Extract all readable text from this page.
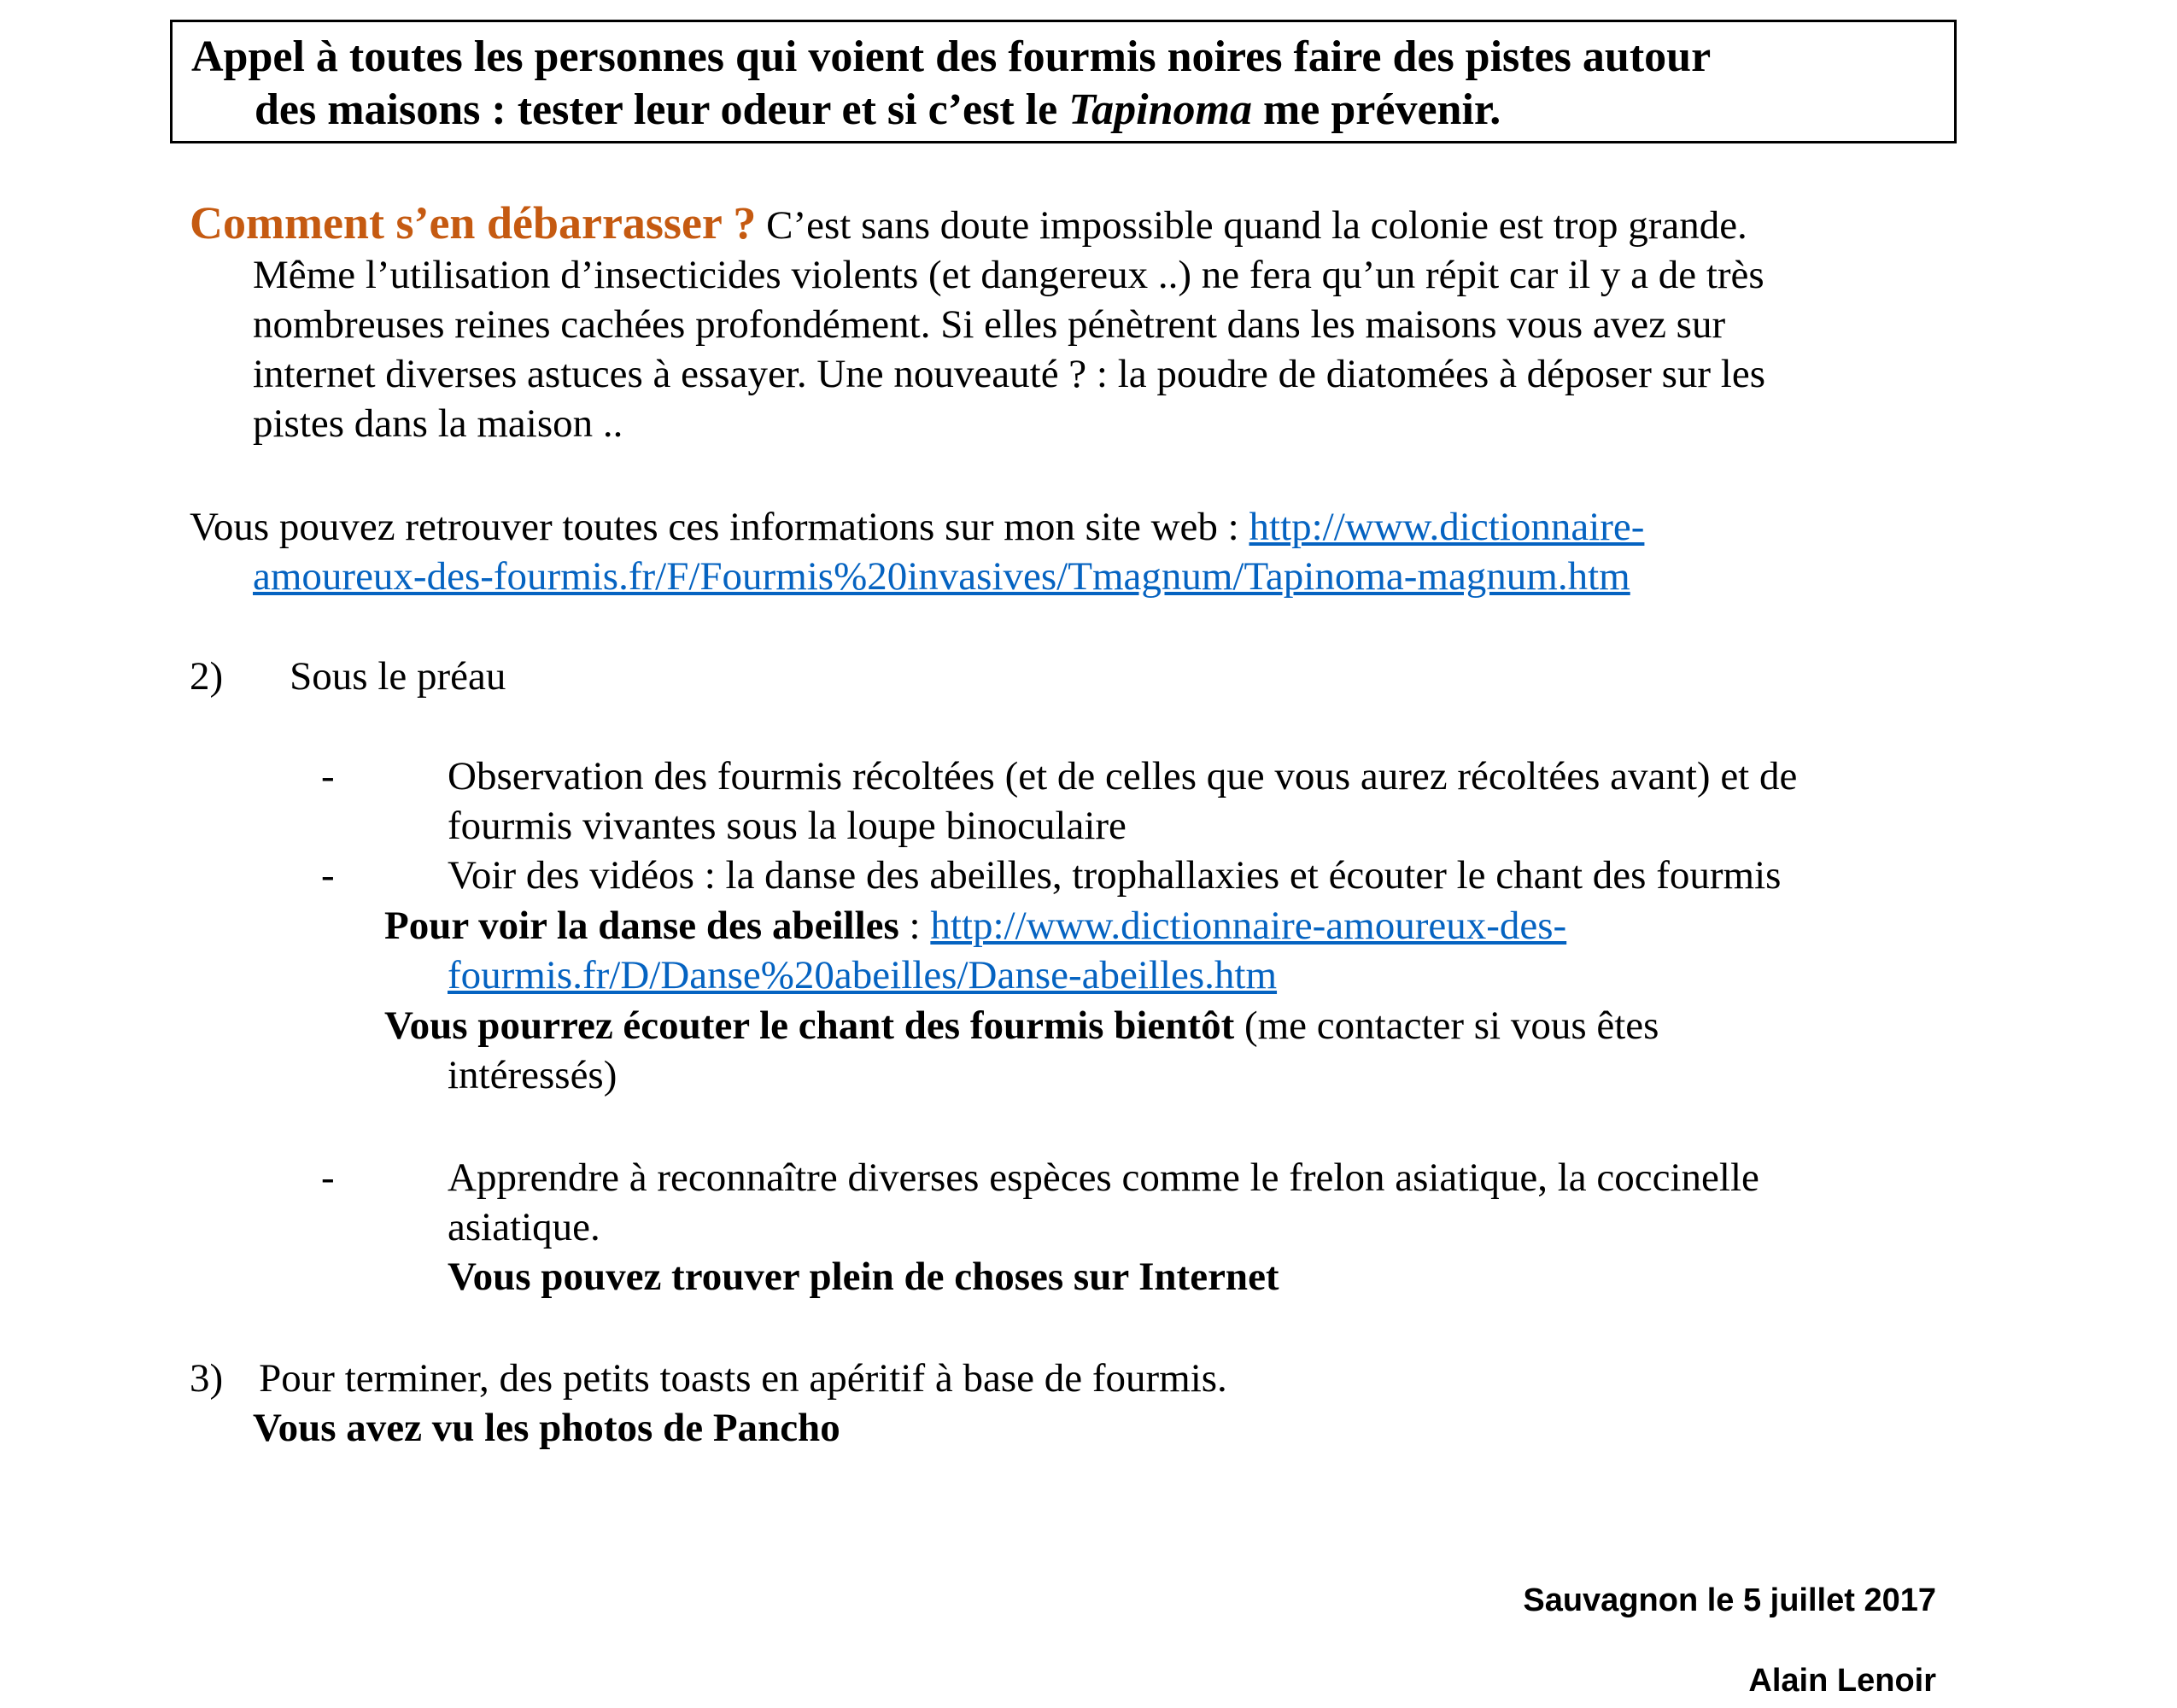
Appel à toutes les personnes qui voient des fourmis noires faire des pistes autour
des maisons : tester leur odeur et si c’est le Tapinoma me prévenir.
Comment s’en débarrasser ? C’est sans doute impossible quand la colonie est trop grande.
Même l’utilisation d’insecticides violents (et dangereux ..) ne fera qu’un répit car il y a de très
nombreuses reines cachées profondément. Si elles pénètrent dans les maisons vous avez sur
internet diverses astuces à essayer. Une nouveauté ? : la poudre de diatomées à déposer sur les
pistes dans la maison ..
Vous pouvez retrouver toutes ces informations sur mon site web : http://www.dictionnaire-
amoureux-des-fourmis.fr/F/Fourmis%20invasives/Tmagnum/Tapinoma-magnum.htm
2) Sous le préau
-	Observation des fourmis récoltées (et de celles que vous aurez récoltées avant) et de
fourmis vivantes sous la loupe binoculaire
-	Voir des vidéos : la danse des abeilles, trophallaxies et écouter le chant des fourmis
Pour voir la danse des abeilles : http://www.dictionnaire-amoureux-des-
fourmis.fr/D/Danse%20abeilles/Danse-abeilles.htm
Vous pourrez écouter le chant des fourmis bientôt (me contacter si vous êtes
intéressés)
-	Apprendre à reconnaître diverses espèces comme le frelon asiatique, la coccinelle
asiatique.
Vous pouvez trouver plein de choses sur Internet
3) Pour terminer, des petits toasts en apéritif à base de fourmis.
Vous avez vu les photos de Pancho
Sauvagnon le 5 juillet 2017
Alain Lenoir
